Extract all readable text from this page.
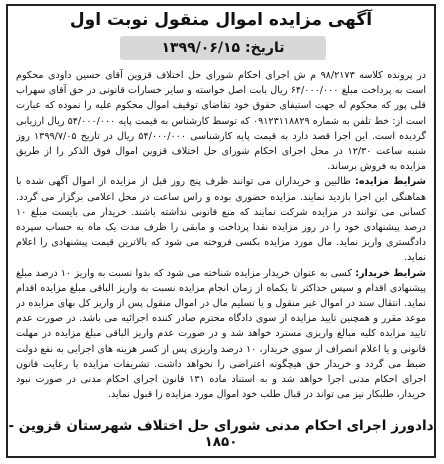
آگهی مزایده اموال منقول نوبت اول
تاریخ: ۱۳۹۹/۰۶/۱۵

در پرونده کلاسه ۹۸/۲۱۷۳ م ش اجرای احکام شورای حل اختلاف قزوین آقای حسین داودی محکوم است به پرداخت مبلغ ۶۴/۰۰۰/۰۰۰ ریال بابت اصل خواسته و سایر خسارات قانونی در حق آقای سهراب قلی پور که محکوم له جهت استیفای حقوق خود تقاضای توقیف اموال محکوم علیه را نموده که عبارت است از: خط تلفن به شماره ۰۹۱۲۳۱۱۸۸۲۹ که توسط کارشناس به قیمت پایه ۵۴/۰۰۰/۰۰۰ ریال ارزیابی گردیده است. این اجرا قصد دارد به قیمت پایه کارشناسی ۵۴/۰۰۰/۰۰۰ ریال در تاریخ ۱۳۹۹/۷/۰۵ روز شنبه ساعت ۱۲/۳۰ در محل اجرای احکام شورای حل اختلاف قزوین اموال فوق الذکر را از طریق مزایده به فروش برساند.

شرایط مزایده: طالبین و خریداران می توانند ظرف پنج روز قبل از مزایده از اموال آگهی شده با هماهنگی این اجرا بازدید نمایند. مزایده حضوری بوده و راس ساعت در محل اعلامی برگزار می گردد. کسانی می توانند در مزایده شرکت نمایند که منع قانونی نداشته باشند. خریدار می بایست مبلغ ۱۰ درصد پیشنهادی خود را در روز مزایده نقدا پرداخت و مابقی را ظرف مدت یک ماه به حساب سپرده دادگستری واریز نماید. مال مورد مزایده بکسی فروخته می شود که بالاترین قیمت پیشنهادی را اعلام نماید.

شرایط خریدار: کسی به عنوان خریدار مزایده شناخته می شود که بدوا نسبت به واریز ۱۰ درصد مبلغ پیشنهادی اقدام و سپس حداکثر تا یکماه از زمان انجام مزایده نسبت به واریز الباقی مبلغ مزایده اقدام نماید. انتقال سند در اموال غیر منقول و یا تسلیم مال در اموال منقول پس از واریز کل بهای مزایده در موعد مقرر و همچنین تایید مزایده از سوی دادگاه محترم صادر کننده اجرائیه می باشد. در صورت عدم تایید مزایده کلیه مبالغ واریزی مسترد خواهد شد و در صورت عدم واریز الباقی مبلغ مزایده در مهلت قانونی و یا اعلام انصراف از سوی خریدار، ۱۰ درصد واریزی پس از کسر هزینه های اجرایی به نفع دولت ضبط می گردد و خریدار حق هیچگونه اعتراضی را نخواهد داشت. تشریفات مزایده با رعایت قانون اجرای احکام مدنی اجرا خواهد شد و به استناد ماده ۱۳۱ قانون اجرای احکام مدنی در صورت نبود خریدار، طلبکار نیز می تواند در قبال طلب خود اموال مورد مزایده را قبول نماید.

دادورز اجرای احکام مدنی شورای حل اختلاف شهرستان قزوین - ۱۸۵۰
